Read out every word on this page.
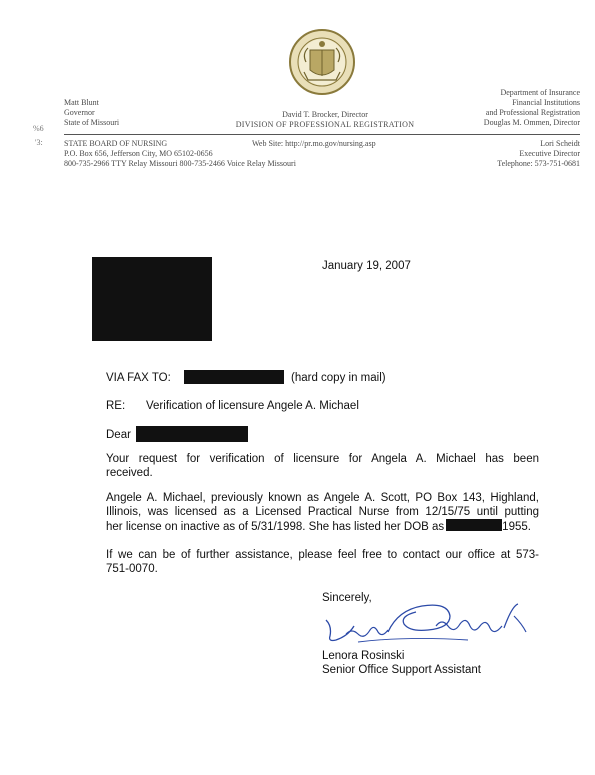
Matt Blunt
Governor
State of Missouri
David T. Brocker, Director
DIVISION OF PROFESSIONAL REGISTRATION
Department of Insurance
Financial Institutions
and Professional Registration
Douglas M. Ommen, Director
%6
'3:	STATE BOARD OF NURSING
P.O. Box 656, Jefferson City, MO 65102-0656
800-735-2966 TTY Relay Missouri 800-735-2466 Voice Relay Missouri
Web Site: http://pr.mo.gov/nursing.asp	Lori Scheidt
Executive Director
Telephone: 573-751-0681
January 19, 2007
VIA FAX TO:	(hard copy in mail)
RE: Verification of licensure Angele A. Michael
Dear
Your request for verification of licensure for Angela A. Michael has been
received.
Angele A. Michael, previously known as Angele A. Scott, PO Box 143, Highland,
Illinois, was licensed as a Licensed Practical Nurse from 12/15/75 until putting
her license on inactive as of 5/31/1998. She has listed her DOB as	1955.
If we can be of further assistance, please feel free to contact our office at 573-
751-0070.
Sincerely,
Lenora Rosinski
Senior Office Support Assistant
